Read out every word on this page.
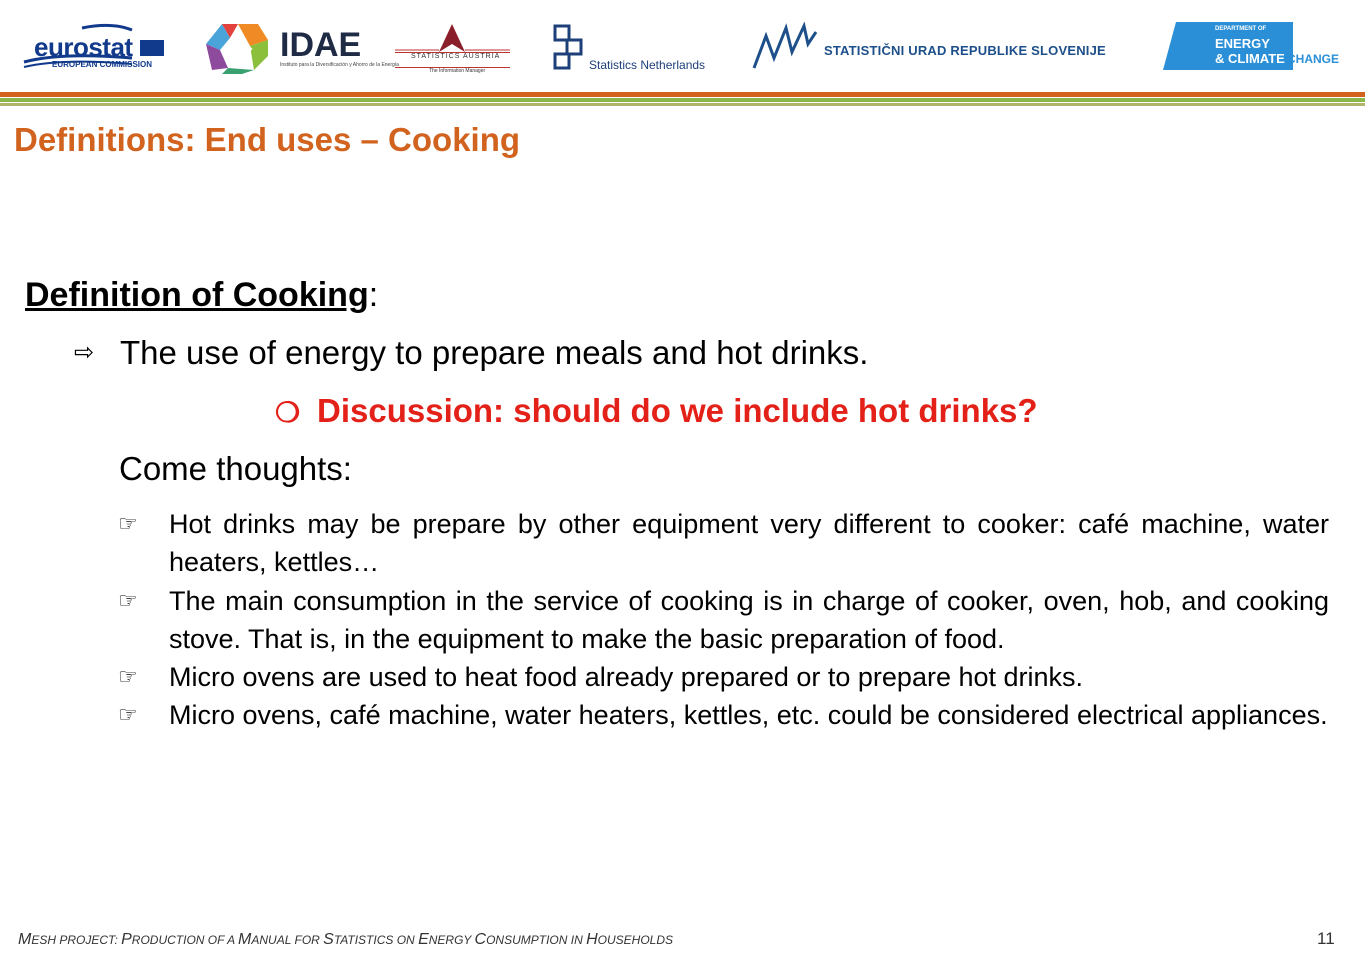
eurostat
EUROPEAN COMMISSION
IDAE
Instituto para la Diversificación y Ahorro de la Energía
STATISTICS AUSTRIA
The Information Manager	Statistics Netherlands
STATISTIČNI URAD REPUBLIKE SLOVENIJE
DEPARTMENT OF
ENERGY
& CLIMATE CHANGE
Definitions: End uses – Cooking
Definition of Cooking:
⇨ The use of energy to prepare meals and hot drinks.
❍ Discussion: should do we include hot drinks?
Come thoughts:
☞ Hot drinks may be prepare by other equipment very different to cooker: café machine, water heaters, kettles…
☞ The main consumption in the service of cooking is in charge of cooker, oven, hob, and cooking stove. That is, in the equipment to make the basic preparation of food.
☞ Micro ovens are used to heat food already prepared or to prepare hot drinks.
☞ Micro ovens, café machine, water heaters, kettles, etc. could be considered electrical appliances.
MESH PROJECT: PRODUCTION OF A MANUAL FOR STATISTICS ON ENERGY CONSUMPTION IN HOUSEHOLDS	11
